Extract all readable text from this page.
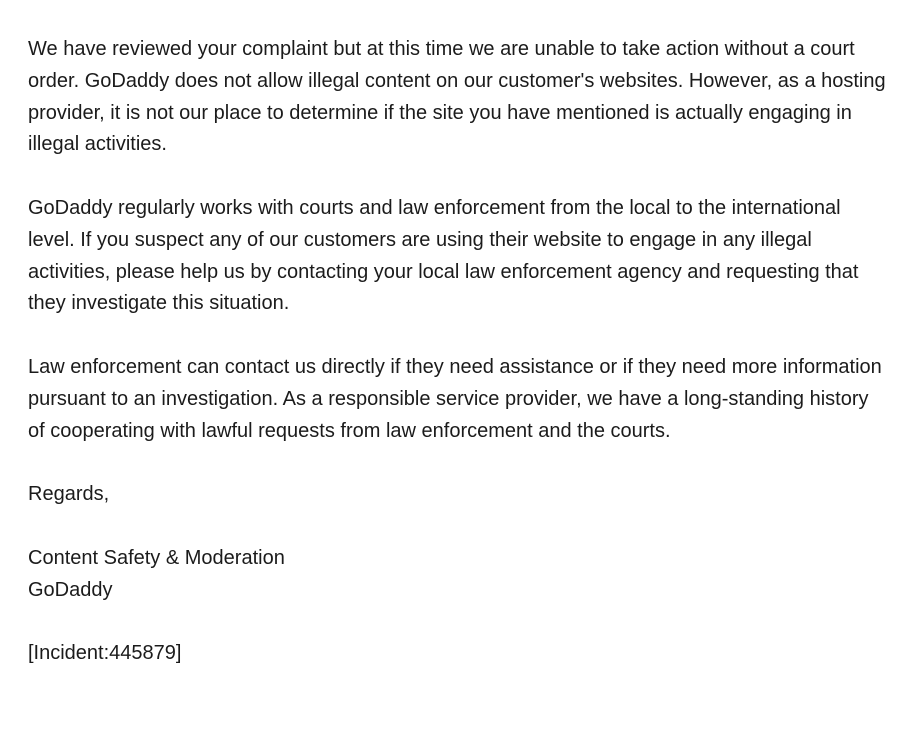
We have reviewed your complaint but at this time we are unable to take action without a court order. GoDaddy does not allow illegal content on our customer's websites. However, as a hosting provider, it is not our place to determine if the site you have mentioned is actually engaging in illegal activities.

GoDaddy regularly works with courts and law enforcement from the local to the international level. If you suspect any of our customers are using their website to engage in any illegal activities, please help us by contacting your local law enforcement agency and requesting that they investigate this situation.

Law enforcement can contact us directly if they need assistance or if they need more information pursuant to an investigation. As a responsible service provider, we have a long-standing history of cooperating with lawful requests from law enforcement and the courts.

Regards,

Content Safety & Moderation

GoDaddy

[Incident:445879]
